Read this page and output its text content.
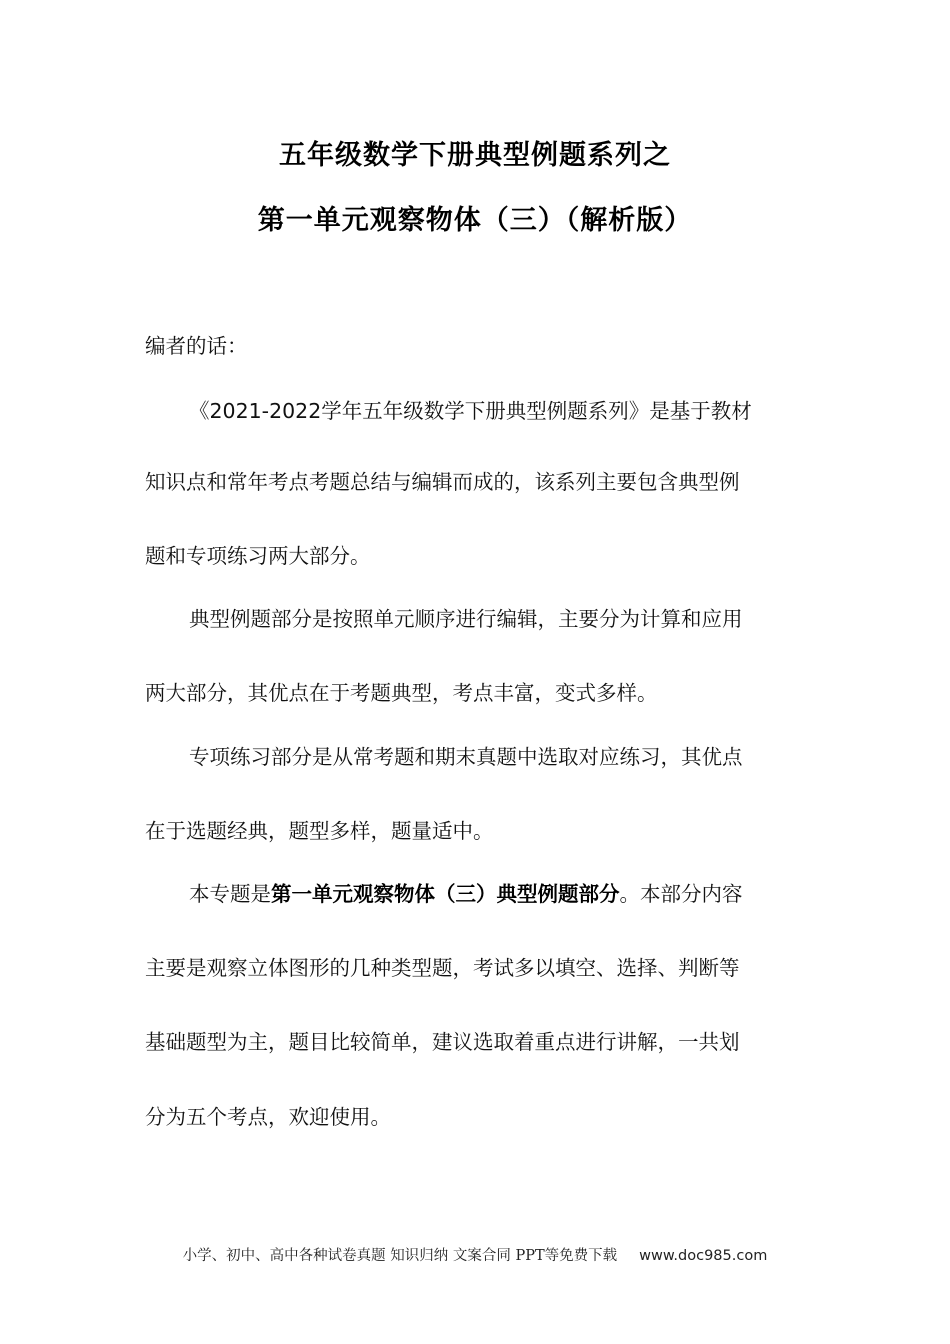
五年级数学下册典型例题系列之
第一单元观察物体（三）（解析版）
编者的话：
《2021-2022学年五年级数学下册典型例题系列》是基于教材
知识点和常年考点考题总结与编辑而成的，该系列主要包含典型例
题和专项练习两大部分。
典型例题部分是按照单元顺序进行编辑，主要分为计算和应用
两大部分，其优点在于考题典型，考点丰富，变式多样。
专项练习部分是从常考题和期末真题中选取对应练习，其优点
在于选题经典，题型多样，题量适中。
本专题是第一单元观察物体（三）典型例题部分。本部分内容
主要是观察立体图形的几种类型题，考试多以填空、选择、判断等
基础题型为主，题目比较简单，建议选取着重点进行讲解，一共划
分为五个考点，欢迎使用。
小学、初中、高中各种试卷真题 知识归纳 文案合同 PPT等免费下载 www.doc985.com
